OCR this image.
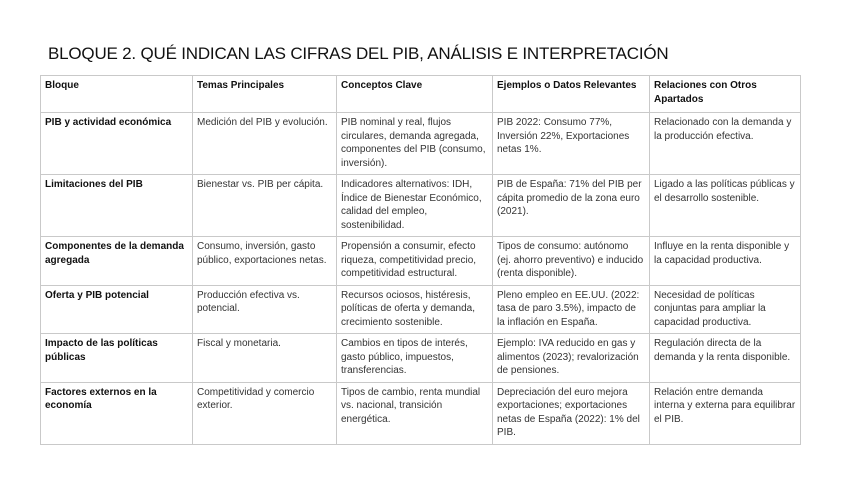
BLOQUE 2. QUÉ INDICAN LAS CIFRAS DEL PIB, ANÁLISIS E INTERPRETACIÓN
Bloque	Temas Principales	Conceptos Clave	Ejemplos o Datos Relevantes	Relaciones con Otros Apartados
PIB y actividad económica	Medición del PIB y evolución.	PIB nominal y real, flujos circulares, demanda agregada, componentes del PIB (consumo, inversión).	PIB 2022: Consumo 77%, Inversión 22%, Exportaciones netas 1%.	Relacionado con la demanda y la producción efectiva.
Limitaciones del PIB	Bienestar vs. PIB per cápita.	Indicadores alternativos: IDH, Índice de Bienestar Económico, calidad del empleo, sostenibilidad.	PIB de España: 71% del PIB per cápita promedio de la zona euro (2021).	Ligado a las políticas públicas y el desarrollo sostenible.
Componentes de la demanda agregada	Consumo, inversión, gasto público, exportaciones netas.	Propensión a consumir, efecto riqueza, competitividad precio, competitividad estructural.	Tipos de consumo: autónomo (ej. ahorro preventivo) e inducido (renta disponible).	Influye en la renta disponible y la capacidad productiva.
Oferta y PIB potencial	Producción efectiva vs. potencial.	Recursos ociosos, histéresis, políticas de oferta y demanda, crecimiento sostenible.	Pleno empleo en EE.UU. (2022: tasa de paro 3.5%), impacto de la inflación en España.	Necesidad de políticas conjuntas para ampliar la capacidad productiva.
Impacto de las políticas públicas	Fiscal y monetaria.	Cambios en tipos de interés, gasto público, impuestos, transferencias.	Ejemplo: IVA reducido en gas y alimentos (2023); revalorización de pensiones.	Regulación directa de la demanda y la renta disponible.
Factores externos en la economía	Competitividad y comercio exterior.	Tipos de cambio, renta mundial vs. nacional, transición energética.	Depreciación del euro mejora exportaciones; exportaciones netas de España (2022): 1% del PIB.	Relación entre demanda interna y externa para equilibrar el PIB.
